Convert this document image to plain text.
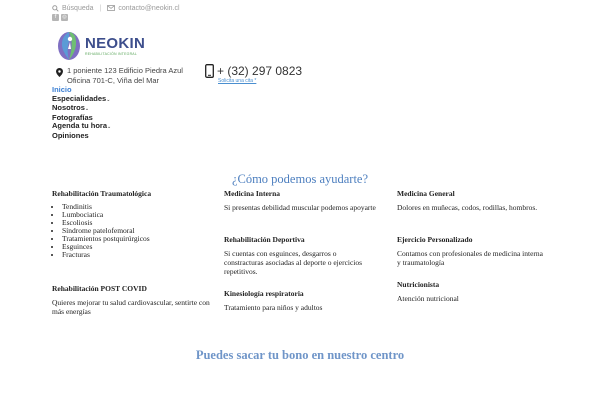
Búsqueda | contacto@neokin.cl
f	◎
NEOKIN
REHABILITACIÓN INTEGRAL
1 poniente 123 Edificio Piedra Azul
Oficina 701-C, Viña del Mar
+ (32) 297 0823
Solicita una cita *
Inicio
Especialidades⌄
Nosotros⌄
Fotografías
Agenda tu hora⌄
Opiniones
¿Cómo podemos ayudarte?
Rehabilitación Traumatológica
• Tendinitis
• Lumbociatica
• Escoliosis
• Síndrome patelofemoral
• Tratamientos postquirúrgicos
• Esguinces
• Fracturas
Rehabilitación POST COVID
Quieres mejorar tu salud cardiovascular, sentirte con más energías
Medicina Interna
Si presentas debilidad muscular podemos apoyarte
Rehabilitación Deportiva
Si cuentas con esguinces, desgarros o constracturas asociadas al deporte o ejercicios repetitivos.
Kinesiología respiratoria
Tratamiento para niños y adultos
Medicina General
Dolores en muñecas, codos, rodillas, hombros.
Ejercicio Personalizado
Contamos con profesionales de medicina interna y traumatología
Nutricionista
Atención nutricional
Puedes sacar tu bono en nuestro centro
